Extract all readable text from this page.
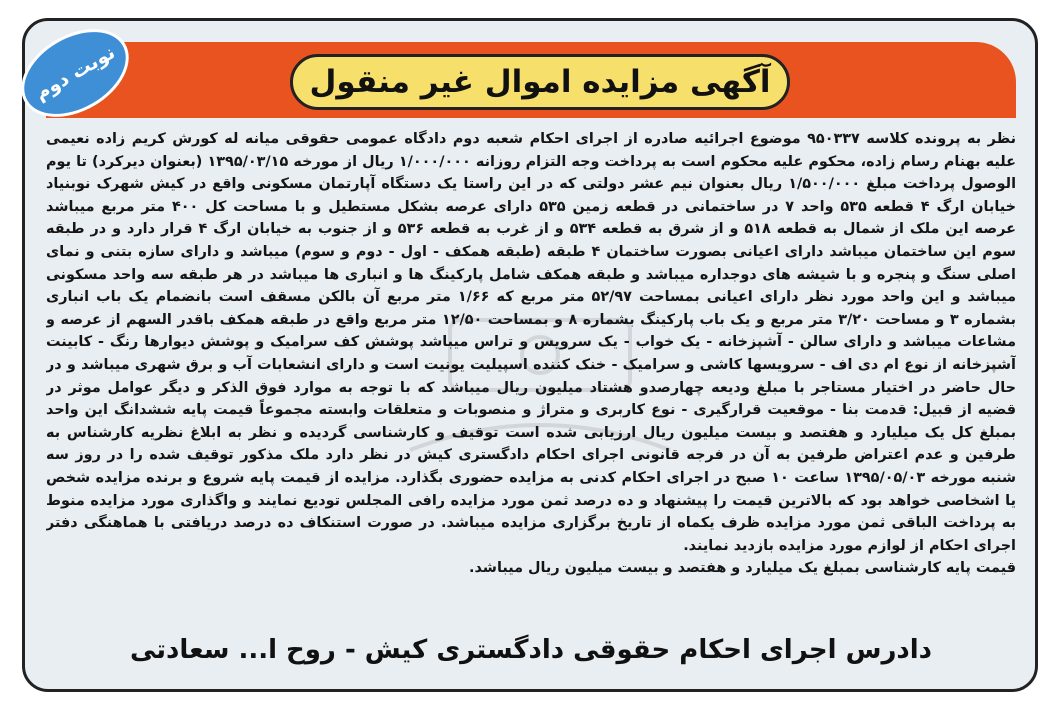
آگهی مزایده اموال غیر منقول
نوبت دوم
نظر به پرونده کلاسه ۹۵۰۳۳۷ موضوع اجرائیه صادره از اجرای احکام شعبه دوم دادگاه عمومی حقوقی میانه له کورش کریم زاده نعیمی علیه بهنام رسام زاده، محکوم علیه محکوم است به پرداخت وجه التزام روزانه ۱/۰۰۰/۰۰۰ ریال از مورخه ۱۳۹۵/۰۳/۱۵ (بعنوان دیرکرد) تا یوم الوصول پرداخت مبلغ ۱/۵۰۰/۰۰۰ ریال بعنوان نیم عشر دولتی که در این راستا یک دستگاه آپارتمان مسکونی واقع در کیش شهرک نوبنیاد خیابان ارگ ۴ قطعه ۵۳۵ واحد ۷ در ساختمانی در قطعه زمین ۵۳۵ دارای عرصه بشکل مستطیل و با مساحت کل ۴۰۰ متر مربع میباشد عرصه این ملک از شمال به قطعه ۵۱۸ و از شرق به قطعه ۵۳۴ و از غرب به قطعه ۵۳۶ و از جنوب به خیابان ارگ ۴ قرار دارد و در طبقه سوم این ساختمان میباشد دارای اعیانی بصورت ساختمان ۴ طبقه (طبقه همکف - اول - دوم و سوم) میباشد و دارای سازه بتنی و نمای اصلی سنگ و پنجره و با شیشه های دوجداره میباشد و طبقه همکف شامل پارکینگ ها و انباری ها میباشد در هر طبقه سه واحد مسکونی میباشد و این واحد مورد نظر دارای اعیانی بمساحت ۵۲/۹۷ متر مربع که ۱/۶۶ متر مربع آن بالکن مسقف است بانضمام یک باب انباری بشماره ۳ و مساحت ۳/۲۰ متر مربع و یک باب پارکینگ بشماره ۸ و بمساحت ۱۲/۵۰ متر مربع واقع در طبقه همکف باقدر السهم از عرصه و مشاعات میباشد و دارای سالن - آشپزخانه - یک خواب - یک سرویس و تراس میباشد پوشش کف سرامیک و پوشش دیوارها رنگ - کابینت آشپزخانه از نوع ام دی اف - سرویسها کاشی و سرامیک - خنک کننده اسپیلیت یونیت است و دارای انشعابات آب و برق شهری میباشد و در حال حاضر در اختیار مستاجر با مبلغ ودیعه چهارصدو هشتاد میلیون ریال میباشد که با توجه به موارد فوق الذکر و دیگر عوامل موثر در قضیه از قبیل: قدمت بنا - موقعیت قرارگیری - نوع کاربری و متراژ و منصوبات و متعلقات وابسته مجموعاً قیمت پایه ششدانگ این واحد بمبلغ کل یک میلیارد و هفتصد و بیست میلیون ریال ارزیابی شده است توقیف و کارشناسی گردیده و نظر به ابلاغ نظریه کارشناس به طرفین و عدم اعتراض طرفین به آن در فرجه قانونی اجرای احکام دادگستری کیش در نظر دارد ملک مذکور توقیف شده را در روز سه شنبه مورخه ۱۳۹۵/۰۵/۰۳ ساعت ۱۰ صبح در اجرای احکام کدنی به مزایده حضوری بگذارد. مزایده از قیمت پایه شروع و برنده مزایده شخص یا اشخاصی خواهد بود که بالاترین قیمت را پیشنهاد و ده درصد ثمن مورد مزایده رافی المجلس تودیع نمایند و واگذاری مورد مزایده منوط به پرداخت الباقی ثمن مورد مزایده ظرف یکماه از تاریخ برگزاری مزایده میباشد. در صورت استنکاف ده درصد دریافتی با هماهنگی دفتر اجرای احکام از لوازم مورد مزایده بازدید نمایند.
قیمت پایه کارشناسی بمبلغ یک میلیارد و هفتصد و بیست میلیون ریال میباشد.
دادرس اجرای احکام حقوقی دادگستری کیش - روح ا... سعادتی
